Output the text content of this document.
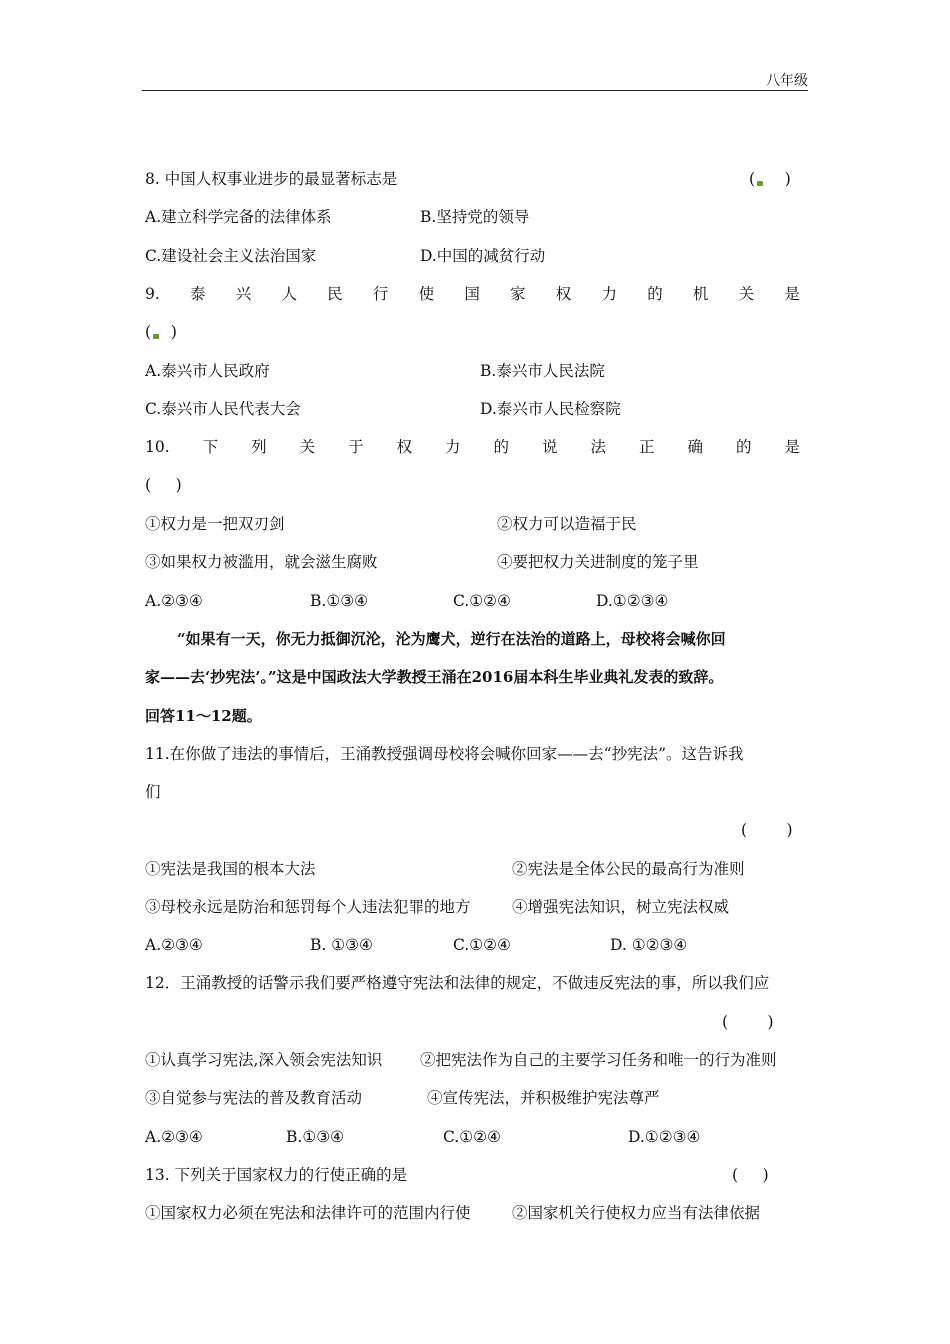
八年级
8. 中国人权事业进步的最显著标志是	( )
A.建立科学完备的法律体系	B.坚持党的领导
C.建设社会主义法治国家	D.中国的减贫行动
9. 泰 兴 人 民 行 使 国 家 权 力 的 机 关 是
( )
A.泰兴市人民政府	B.泰兴市人民法院
C.泰兴市人民代表大会	D.泰兴市人民检察院
10. 下 列 关 于 权 力 的 说 法 正 确 的 是
(     )
①权力是一把双刃剑	②权力可以造福于民
③如果权力被滥用，就会滋生腐败	④要把权力关进制度的笼子里
A.②③④	B.①③④	C.①②④	D.①②③④
“如果有一天，你无力抵御沉沦，沦为鹰犬，逆行在法治的道路上，母校将会喊你回
家——去‘抄宪法’。”这是中国政法大学教授王涌在2016届本科生毕业典礼发表的致辞。
回答11～12题。
11.在你做了违法的事情后，王涌教授强调母校将会喊你回家——去“抄宪法”。这告诉我
们
(        )
①宪法是我国的根本大法	②宪法是全体公民的最高行为准则
③母校永远是防治和惩罚每个人违法犯罪的地方	④增强宪法知识，树立宪法权威
A.②③④	B. ①③④	C.①②④	D. ①②③④
12．王涌教授的话警示我们要严格遵守宪法和法律的规定，不做违反宪法的事，所以我们应
(        )
①认真学习宪法,深入领会宪法知识 ②把宪法作为自己的主要学习任务和唯一的行为准则
③自觉参与宪法的普及教育活动	④宣传宪法，并积极维护宪法尊严
A.②③④	B.①③④	C.①②④	D.①②③④
13. 下列关于国家权力的行使正确的是	(     )
①国家权力必须在宪法和法律许可的范围内行使	②国家机关行使权力应当有法律依据
